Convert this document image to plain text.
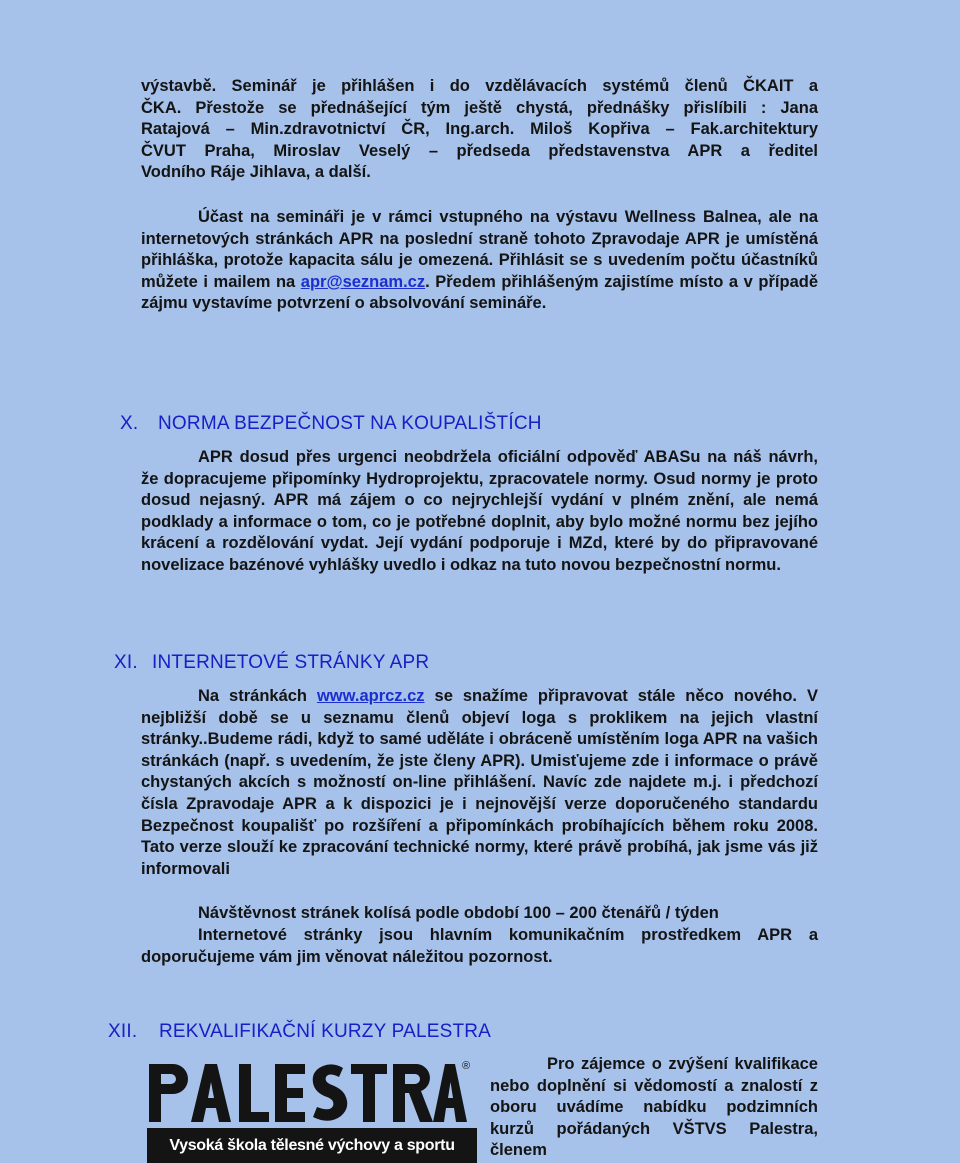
výstavbě. Seminář je přihlášen i do vzdělávacích systémů členů ČKAIT a
ČKA. Přestože se přednášející tým ještě chystá, přednášky přislíbili : Jana
Ratajová – Min.zdravotnictví ČR, Ing.arch. Miloš Kopřiva – Fak.architektury
ČVUT Praha, Miroslav Veselý – předseda představenstva APR a ředitel
Vodního Ráje Jihlava, a další.

Účast na semináři je v rámci vstupného na výstavu Wellness Balnea, ale na internetových stránkách APR na poslední straně tohoto Zpravodaje APR je umístěná přihláška, protože kapacita sálu je omezená. Přihlásit se s uvedením počtu účastníků můžete i mailem na apr@seznam.cz. Předem přihlášeným zajistíme místo a v případě zájmu vystavíme potvrzení o absolvování semináře.

X. NORMA BEZPEČNOST NA KOUPALIŠTÍCH

APR dosud přes urgenci neobdržela oficiální odpověď ABASu na náš návrh, že dopracujeme připomínky Hydroprojektu, zpracovatele normy. Osud normy je proto dosud nejasný. APR má zájem o co nejrychlejší vydání v plném znění, ale nemá podklady a informace o tom, co je potřebné doplnit, aby bylo možné normu bez jejího krácení a rozdělování vydat. Její vydání podporuje i MZd, které by do připravované novelizace bazénové vyhlášky uvedlo i odkaz na tuto novou bezpečnostní normu.

XI. INTERNETOVÉ STRÁNKY APR

Na stránkách www.aprcz.cz se snažíme připravovat stále něco nového. V nejbližší době se u seznamu členů objeví loga s proklikem na jejich vlastní stránky..Budeme rádi, když to samé uděláte i obráceně umístěním loga APR na vašich stránkách (např. s uvedením, že jste členy APR). Umisťujeme zde i informace o právě chystaných akcích s možností on-line přihlášení. Navíc zde najdete m.j. i předchozí čísla Zpravodaje APR a k dispozici je i nejnovější verze doporučeného standardu Bezpečnost koupališť po rozšíření a připomínkách probíhajících během roku 2008. Tato verze slouží ke zpracování technické normy, které právě probíhá, jak jsme vás již informovali

Návštěvnost stránek kolísá podle období 100 – 200 čtenářů / týden

Internetové stránky jsou hlavním komunikačním prostředkem APR a doporučujeme vám jim věnovat náležitou pozornost.

XII. REKVALIFIKAČNÍ KURZY PALESTRA
®
Vysoká škola tělesné výchovy a sportu

Pro zájemce o zvýšení kvalifikace nebo doplnění si vědomostí a znalostí z oboru uvádíme nabídku podzimních kurzů pořádaných VŠTVS Palestra, členem
